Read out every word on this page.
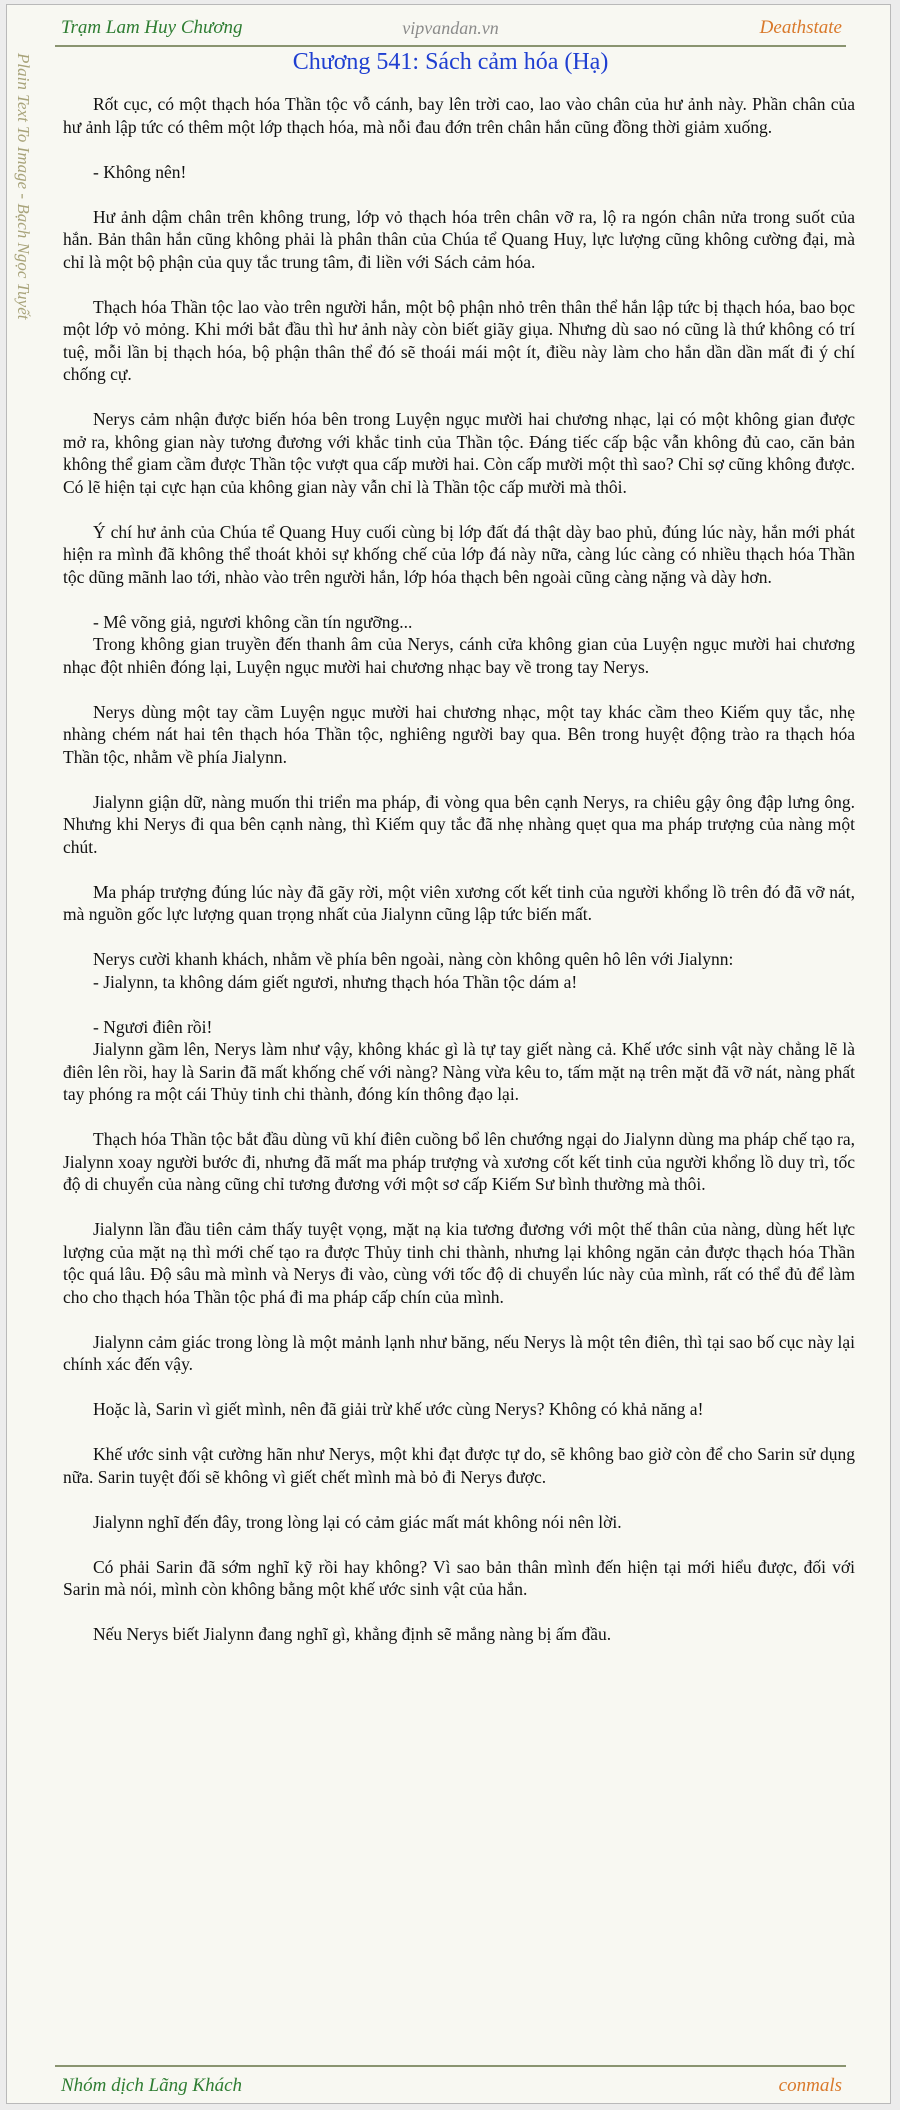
Trạm Lam Huy Chương	vipvandan.vn	Deathstate
Plain Text To Image - Bạch Ngọc Tuyết	Chương 541: Sách cảm hóa (Hạ)

Rốt cục, có một thạch hóa Thần tộc vỗ cánh, bay lên trời cao, lao vào chân của hư ảnh này. Phần chân của hư ảnh lập tức có thêm một lớp thạch hóa, mà nỗi đau đớn trên chân hắn cũng đồng thời giảm xuống.

- Không nên!

Hư ảnh dậm chân trên không trung, lớp vỏ thạch hóa trên chân vỡ ra, lộ ra ngón chân nửa trong suốt của hắn. Bản thân hắn cũng không phải là phân thân của Chúa tể Quang Huy, lực lượng cũng không cường đại, mà chỉ là một bộ phận của quy tắc trung tâm, đi liền với Sách cảm hóa.

Thạch hóa Thần tộc lao vào trên người hắn, một bộ phận nhỏ trên thân thể hắn lập tức bị thạch hóa, bao bọc một lớp vỏ mỏng. Khi mới bắt đầu thì hư ảnh này còn biết giãy giụa. Nhưng dù sao nó cũng là thứ không có trí tuệ, mỗi lần bị thạch hóa, bộ phận thân thể đó sẽ thoái mái một ít, điều này làm cho hắn dần dần mất đi ý chí chống cự.

Nerys cảm nhận được biến hóa bên trong Luyện ngục mười hai chương nhạc, lại có một không gian được mở ra, không gian này tương đương với khắc tinh của Thần tộc. Đáng tiếc cấp bậc vẫn không đủ cao, căn bản không thể giam cầm được Thần tộc vượt qua cấp mười hai. Còn cấp mười một thì sao? Chỉ sợ cũng không được. Có lẽ hiện tại cực hạn của không gian này vẫn chỉ là Thần tộc cấp mười mà thôi.

Ý chí hư ảnh của Chúa tể Quang Huy cuối cùng bị lớp đất đá thật dày bao phủ, đúng lúc này, hắn mới phát hiện ra mình đã không thể thoát khỏi sự khống chế của lớp đá này nữa, càng lúc càng có nhiều thạch hóa Thần tộc dũng mãnh lao tới, nhào vào trên người hắn, lớp hóa thạch bên ngoài cũng càng nặng và dày hơn.

- Mê võng giả, ngươi không cần tín ngưỡng...

Trong không gian truyền đến thanh âm của Nerys, cánh cửa không gian của Luyện ngục mười hai chương nhạc đột nhiên đóng lại, Luyện ngục mười hai chương nhạc bay về trong tay Nerys.

Nerys dùng một tay cầm Luyện ngục mười hai chương nhạc, một tay khác cầm theo Kiếm quy tắc, nhẹ nhàng chém nát hai tên thạch hóa Thần tộc, nghiêng người bay qua. Bên trong huyệt động trào ra thạch hóa Thần tộc, nhằm về phía Jialynn.

Jialynn giận dữ, nàng muốn thi triển ma pháp, đi vòng qua bên cạnh Nerys, ra chiêu gậy ông đập lưng ông. Nhưng khi Nerys đi qua bên cạnh nàng, thì Kiếm quy tắc đã nhẹ nhàng quẹt qua ma pháp trượng của nàng một chút.

Ma pháp trượng đúng lúc này đã gãy rời, một viên xương cốt kết tinh của người khổng lồ trên đó đã vỡ nát, mà nguồn gốc lực lượng quan trọng nhất của Jialynn cũng lập tức biến mất.

Nerys cười khanh khách, nhằm về phía bên ngoài, nàng còn không quên hô lên với Jialynn:

- Jialynn, ta không dám giết ngươi, nhưng thạch hóa Thần tộc dám a!

- Ngươi điên rồi!

Jialynn gầm lên, Nerys làm như vậy, không khác gì là tự tay giết nàng cả. Khế ước sinh vật này chẳng lẽ là điên lên rồi, hay là Sarin đã mất khống chế với nàng? Nàng vừa kêu to, tấm mặt nạ trên mặt đã vỡ nát, nàng phất tay phóng ra một cái Thủy tinh chi thành, đóng kín thông đạo lại.

Thạch hóa Thần tộc bắt đầu dùng vũ khí điên cuồng bổ lên chướng ngại do Jialynn dùng ma pháp chế tạo ra, Jialynn xoay người bước đi, nhưng đã mất ma pháp trượng và xương cốt kết tinh của người khổng lồ duy trì, tốc độ di chuyển của nàng cũng chỉ tương đương với một sơ cấp Kiếm Sư bình thường mà thôi.

Jialynn lần đầu tiên cảm thấy tuyệt vọng, mặt nạ kia tương đương với một thế thân của nàng, dùng hết lực lượng của mặt nạ thì mới chế tạo ra được Thủy tinh chi thành, nhưng lại không ngăn cản được thạch hóa Thần tộc quá lâu. Độ sâu mà mình và Nerys đi vào, cùng với tốc độ di chuyển lúc này của mình, rất có thể đủ để làm cho cho thạch hóa Thần tộc phá đi ma pháp cấp chín của mình.

Jialynn cảm giác trong lòng là một mảnh lạnh như băng, nếu Nerys là một tên điên, thì tại sao bố cục này lại chính xác đến vậy.

Hoặc là, Sarin vì giết mình, nên đã giải trừ khế ước cùng Nerys? Không có khả năng a!

Khế ước sinh vật cường hãn như Nerys, một khi đạt được tự do, sẽ không bao giờ còn để cho Sarin sử dụng nữa. Sarin tuyệt đối sẽ không vì giết chết mình mà bỏ đi Nerys được.

Jialynn nghĩ đến đây, trong lòng lại có cảm giác mất mát không nói nên lời.

Có phải Sarin đã sớm nghĩ kỹ rồi hay không? Vì sao bản thân mình đến hiện tại mới hiểu được, đối với Sarin mà nói, mình còn không bằng một khế ước sinh vật của hắn.

Nếu Nerys biết Jialynn đang nghĩ gì, khẳng định sẽ mắng nàng bị ấm đầu.

Nhóm dịch Lãng Khách	conmals
